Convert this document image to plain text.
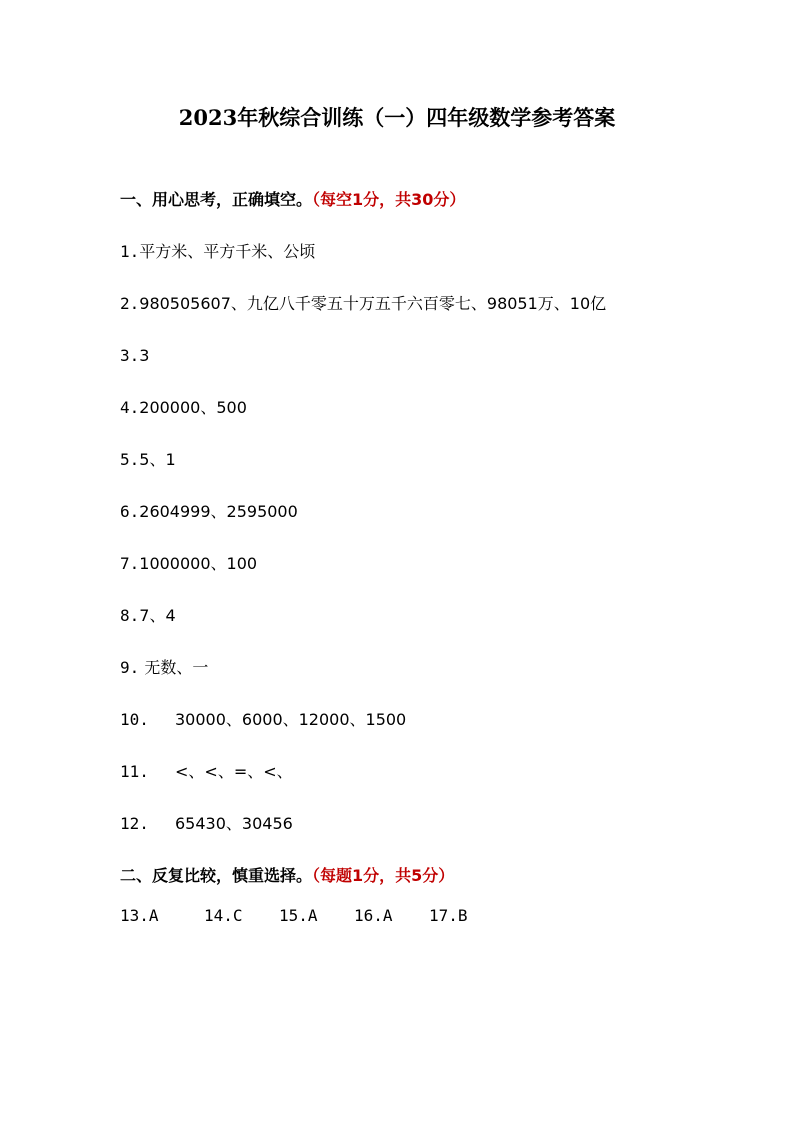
2023年秋综合训练（一）四年级数学参考答案
一、用心思考，正确填空。（每空1分，共30分）
1.平方米、平方千米、公顷
2.980505607、九亿八千零五十万五千六百零七、98051万、10亿
3.3
4.200000、500
5.5、1
6.2604999、2595000
7.1000000、100
8.7、4
9. 无数、一
10. 30000、6000、12000、1500
11. <、<、=、<、
12. 65430、30456
二、反复比较，慎重选择。（每题1分，共5分）
13.A	14.C 15.A 16.A 17.B
